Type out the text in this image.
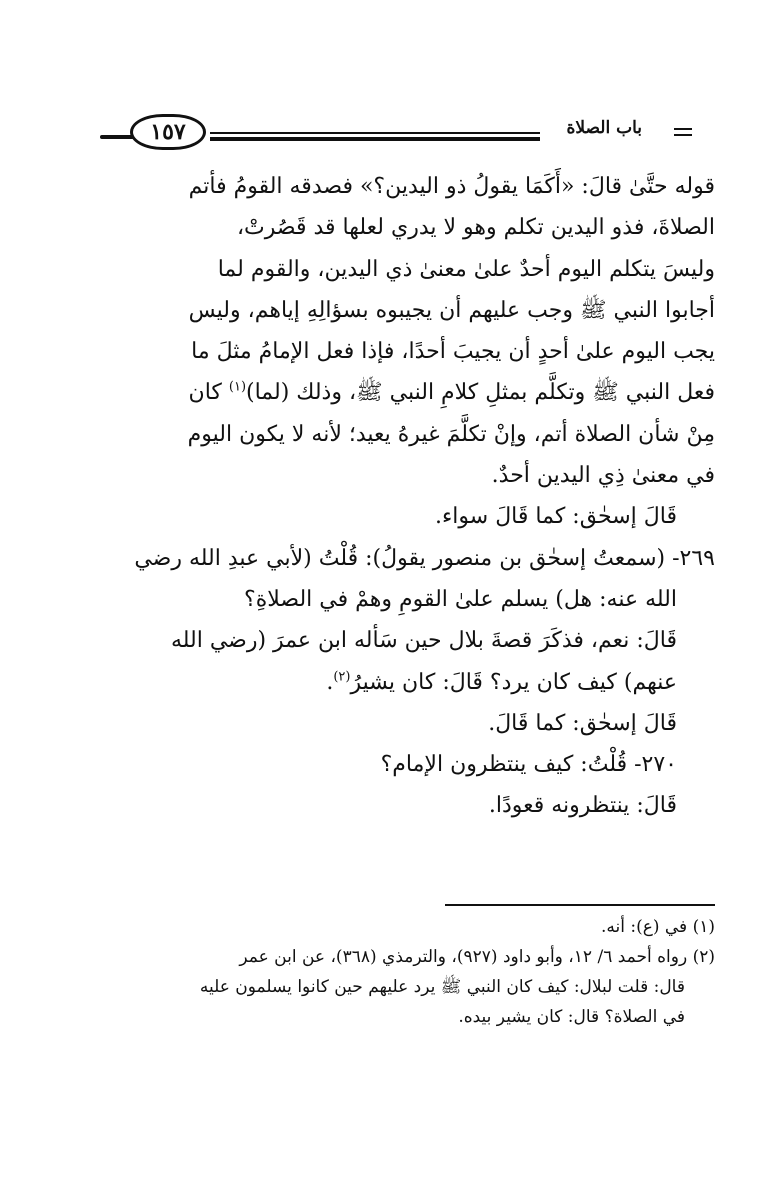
باب الصلاة
١٥٧

قوله حتَّىٰ قالَ: «أَكَمَا يقولُ ذو اليدين؟» فصدقه القومُ فأتم

الصلاةَ، فذو اليدين تكلم وهو لا يدري لعلها قد قَصُرتْ،

وليسَ يتكلم اليوم أحدٌ علىٰ معنىٰ ذي اليدين، والقوم لما

أجابوا النبي ﷺ وجب عليهم أن يجيبوه بسؤالِهِ إياهم، وليس

يجب اليوم علىٰ أحدٍ أن يجيبَ أحدًا، فإذا فعل الإمامُ مثلَ ما

فعل النبي ﷺ وتكلَّم بمثلِ كلامِ النبي ﷺ، وذلك (لما)$^{(١)}$ كان

مِنْ شأن الصلاة أتم، وإنْ تكلَّمَ غيرهُ يعيد؛ لأنه لا يكون اليوم

في معنىٰ ذِي اليدين أحدٌ.

قَالَ إسحٰق: كما قَالَ سواء.

٢٦٩- (سمعتُ إسحٰق بن منصور يقولُ): قُلْتُ (لأبي عبدِ الله رضي

الله عنه: هل) يسلم علىٰ القومِ وهمْ في الصلاةِ؟

قَالَ: نعم، فذكَرَ قصةَ بلال حين سَأله ابن عمرَ (رضي الله

عنهم) كيف كان يرد؟ قَالَ: كان يشيرُ$^{(٢)}$.

قَالَ إسحٰق: كما قَالَ.

٢٧٠- قُلْتُ: كيف ينتظرون الإمام؟

قَالَ: ينتظرونه قعودًا.

(١) في (ع): أنه.

(٢) رواه أحمد ٦/ ١٢، وأبو داود (٩٢٧)، والترمذي (٣٦٨)، عن ابن عمر

قال: قلت لبلال: كيف كان النبي ﷺ يرد عليهم حين كانوا يسلمون عليه

في الصلاة؟ قال: كان يشير بيده.
